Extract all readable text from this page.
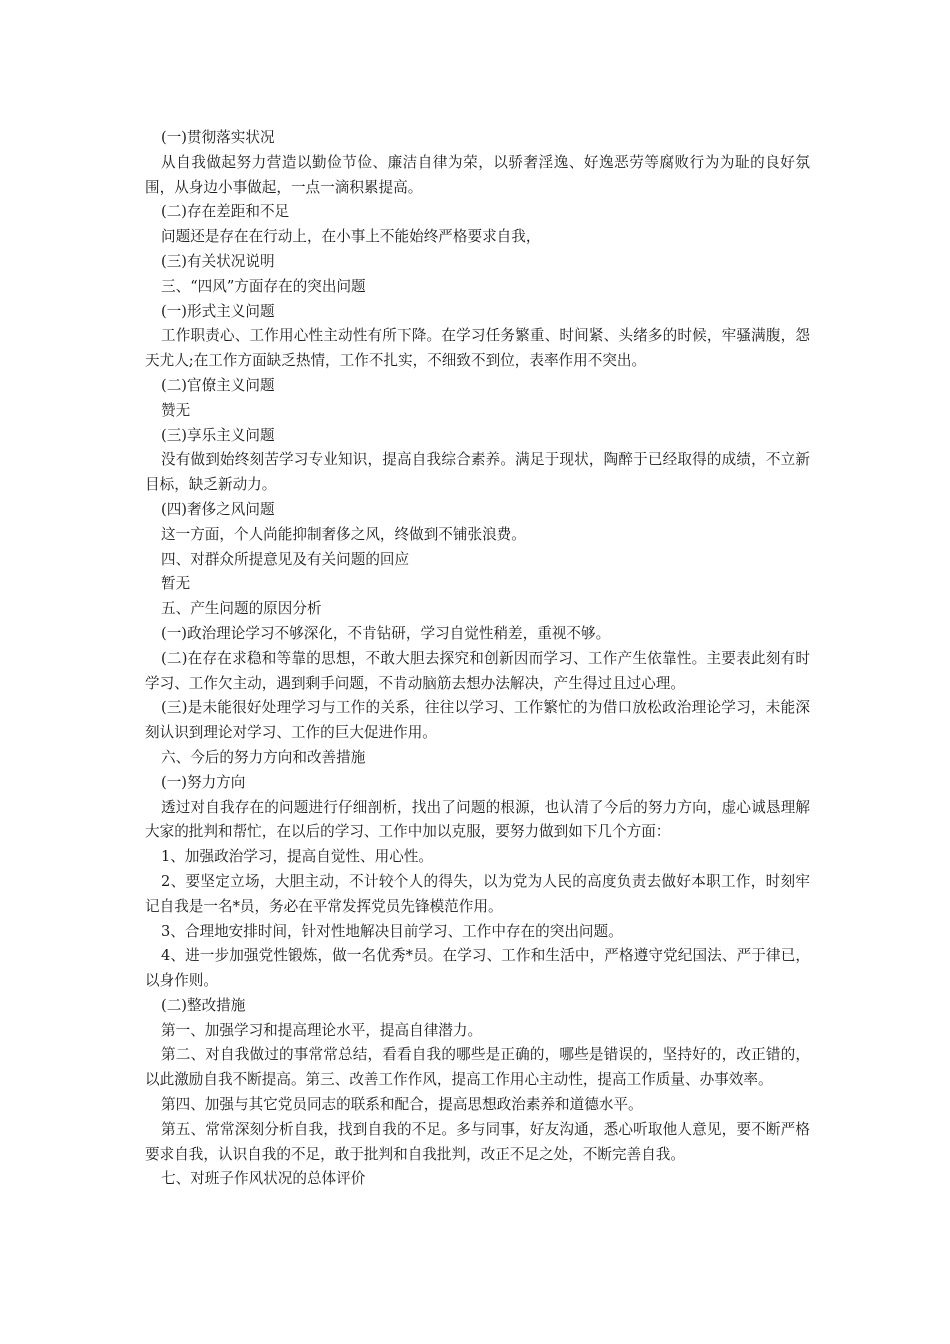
(一)贯彻落实状况

从自我做起努力营造以勤俭节俭、廉洁自律为荣，以骄奢淫逸、好逸恶劳等腐败行为为耻的良好氛围，从身边小事做起，一点一滴积累提高。

(二)存在差距和不足

问题还是存在在行动上，在小事上不能始终严格要求自我，

(三)有关状况说明

三、“四风”方面存在的突出问题

(一)形式主义问题

工作职责心、工作用心性主动性有所下降。在学习任务繁重、时间紧、头绪多的时候，牢骚满腹，怨天尤人;在工作方面缺乏热情，工作不扎实，不细致不到位，表率作用不突出。

(二)官僚主义问题

赞无

(三)享乐主义问题

没有做到始终刻苦学习专业知识，提高自我综合素养。满足于现状，陶醉于已经取得的成绩，不立新目标，缺乏新动力。

(四)奢侈之风问题

这一方面，个人尚能抑制奢侈之风，终做到不铺张浪费。

四、对群众所提意见及有关问题的回应

暂无

五、产生问题的原因分析

(一)政治理论学习不够深化，不肯钻研，学习自觉性稍差，重视不够。

(二)在存在求稳和等靠的思想，不敢大胆去探究和创新因而学习、工作产生依靠性。主要表此刻有时学习、工作欠主动，遇到剩手问题，不肯动脑筋去想办法解决，产生得过且过心理。

(三)是未能很好处理学习与工作的关系，往往以学习、工作繁忙的为借口放松政治理论学习，未能深刻认识到理论对学习、工作的巨大促进作用。

六、今后的努力方向和改善措施

(一)努力方向

透过对自我存在的问题进行仔细剖析，找出了问题的根源，也认清了今后的努力方向，虚心诚恳理解大家的批判和帮忙，在以后的学习、工作中加以克服，要努力做到如下几个方面：

1、加强政治学习，提高自觉性、用心性。

2、要坚定立场，大胆主动，不计较个人的得失，以为党为人民的高度负责去做好本职工作，时刻牢记自我是一名*员，务必在平常发挥党员先锋模范作用。

3、合理地安排时间，针对性地解决目前学习、工作中存在的突出问题。

4、进一步加强党性锻炼，做一名优秀*员。在学习、工作和生活中，严格遵守党纪国法、严于律已，以身作则。

(二)整改措施

第一、加强学习和提高理论水平，提高自律潜力。

第二、对自我做过的事常常总结，看看自我的哪些是正确的，哪些是错误的，坚持好的，改正错的，以此激励自我不断提高。第三、改善工作作风，提高工作用心主动性，提高工作质量、办事效率。

第四、加强与其它党员同志的联系和配合，提高思想政治素养和道德水平。

第五、常常深刻分析自我，找到自我的不足。多与同事，好友沟通，悉心听取他人意见，要不断严格要求自我，认识自我的不足，敢于批判和自我批判，改正不足之处，不断完善自我。

七、对班子作风状况的总体评价
